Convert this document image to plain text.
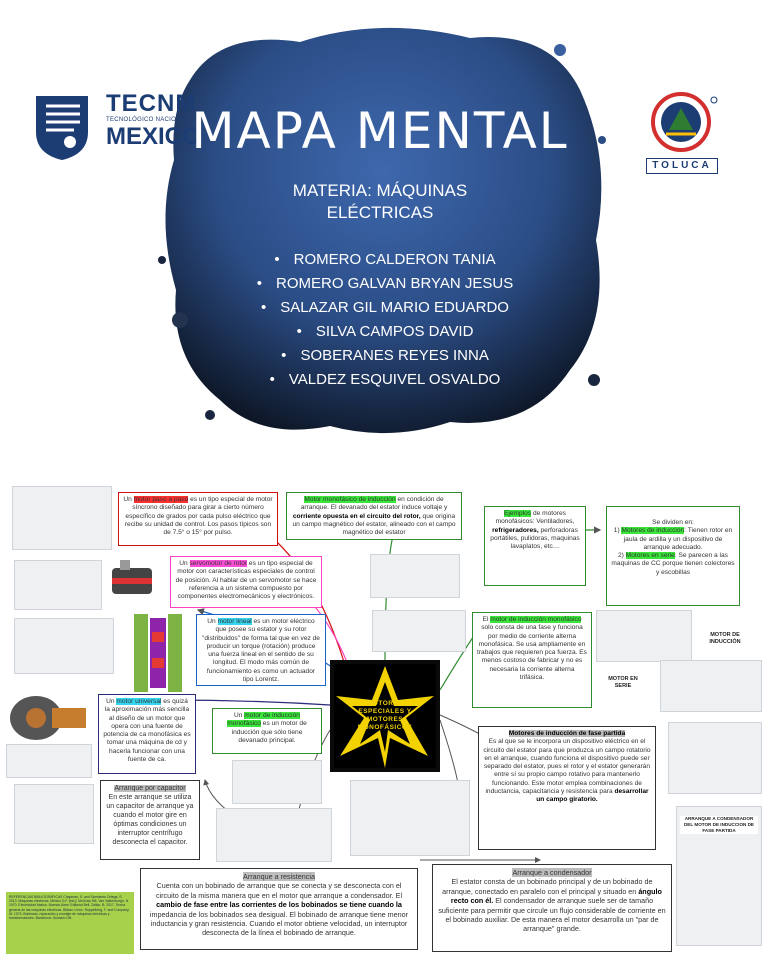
TECNM
TECNOLÓGICO NACIONAL DE
MEXICO
TOLUCA
MAPA MENTAL
MATERIA: MÁQUINAS
ELÉCTRICAS
• ROMERO CALDERON TANIA
• ROMERO GALVAN BRYAN JESUS
• SALAZAR GIL MARIO EDUARDO
• SILVA CAMPOS DAVID
• SOBERANES REYES INNA
• VALDEZ ESQUIVEL OSVALDO
MOTORES ESPECIALES Y MOTORES MONOFÁSICOS
Un motor paso a paso es un tipo especial de motor síncrono diseñado para girar a cierto número específico de grados por cada pulso eléctrico que recibe su unidad de control. Los pasos típicos son de 7.5° o 15° por pulso.
Un servomotor de rotor es un tipo especial de motor con características especiales de control de posición. Al hablar de un servomotor se hace referencia a un sistema compuesto por componentes electromecánicos y electrónicos.
Un motor lineal es un motor eléctrico que posee su estator y su rotor "distribuidos" de forma tal que en vez de producir un torque (rotación) produce una fuerza lineal en el sentido de su longitud. El modo más común de funcionamiento es como un actuador tipo Lorentz.
Un motor universal es quizá la aproximación más sencilla al diseño de un motor que opera con una fuente de potencia de ca monofásica es tomar una máquina de cd y hacerla funcionar con una fuente de ca.
Motor monofásico de inducción en condición de arranque. El devanado del estator induce voltaje y corriente opuesta en el circuito del rotor, que origina un campo magnético del estator, alineado con el campo magnético del estator
Ejemplos de motores monofásicos: Ventiladores, refrigeradores, perforadoras portátiles, pulidoras, maquinas lavaplatos, etc…
Se dividen en:
1) Motores de inducción: Tienen rotor en jaula de ardilla y un dispositivo de arranque adecuado.
2) Motores en serie: Se parecen a las maquinas de CC porque tienen colectores y escobillas
El motor de inducción monofásico solo consta de una fase y funciona por medio de corriente alterna monofásica. Se usa ampliamente en trabajos que requieren pca fuerza. Es menos costoso de fabricar y no es necesaria la corriente alterna trifásica.
Un motor de inducción monofásico es un motor de inducción que sólo tiene devanado principal.
Motores de inducción de fase partida
Es al que se le incorpora un dispositivo eléctrico en el circuito del estator para que produzca un campo rotatorio en el arranque, cuando funciona el dispositivo puede ser separado del estator, pues el rotor y el estator generarán entre sí su propio campo rotativo para mantenerlo funcionando. Este motor emplea combinaciones de inductancia, capacitancia y resistencia para desarrollar un campo giratorio.
Arranque por capacitor
En este arranque se utiliza un capacitor de arranque ya cuando el motor gire en óptimas condiciones un interruptor centrífugo desconecta el capacitor.
Arranque a resistencia
Cuenta con un bobinado de arranque que se conecta y se desconecta con el circuito de la misma manera que en el motor que arranque a condensador. El cambio de fase entre las corrientes de los bobinados se tiene cuando la impedancia de los bobinados sea desigual. El bobinado de arranque tiene menor inductancia y gran resistencia. Cuando el motor obtiene velocidad, un interruptor desconecta de la línea el bobinado de arranque.
Arranque a condensador
El estator consta de un bobinado principal y de un bobinado de arranque, conectado en paralelo con el principal y situado en ángulo recto con él. El condensador de arranque suele ser de tamaño suficiente para permitir que circule un flujo considerable de corriente en el bobinado auxiliar. De esta manera el motor desarrolla un "par de arranque" grande.
MOTOR DE INDUCCIÓN
MOTOR EN SERIE
ARRANQUE A CONDENSADOR DEL MOTOR DE INDUCCION DE FASE PARTIDA
REFERENCIAS BIBLIOGRÁFICAS Chapman, S. and Sarmiento Ortega, S. 2013. Máquinas eléctricas. México D.F. [etc.]: McGraw Hill. Van Valkenburgh, N. 1970. Electricidad básica. Buenos Aires: Editorial Bell. Zalkin, B. 2017. Teoría general de las máquinas eléctricas. Bilbao: Urmo. Ruppelberg, F. and Company, W. 1973. Bobinado, reparación y montaje de máquinas eléctricas y transformadores. Barcelona: Gustavo Gili.
